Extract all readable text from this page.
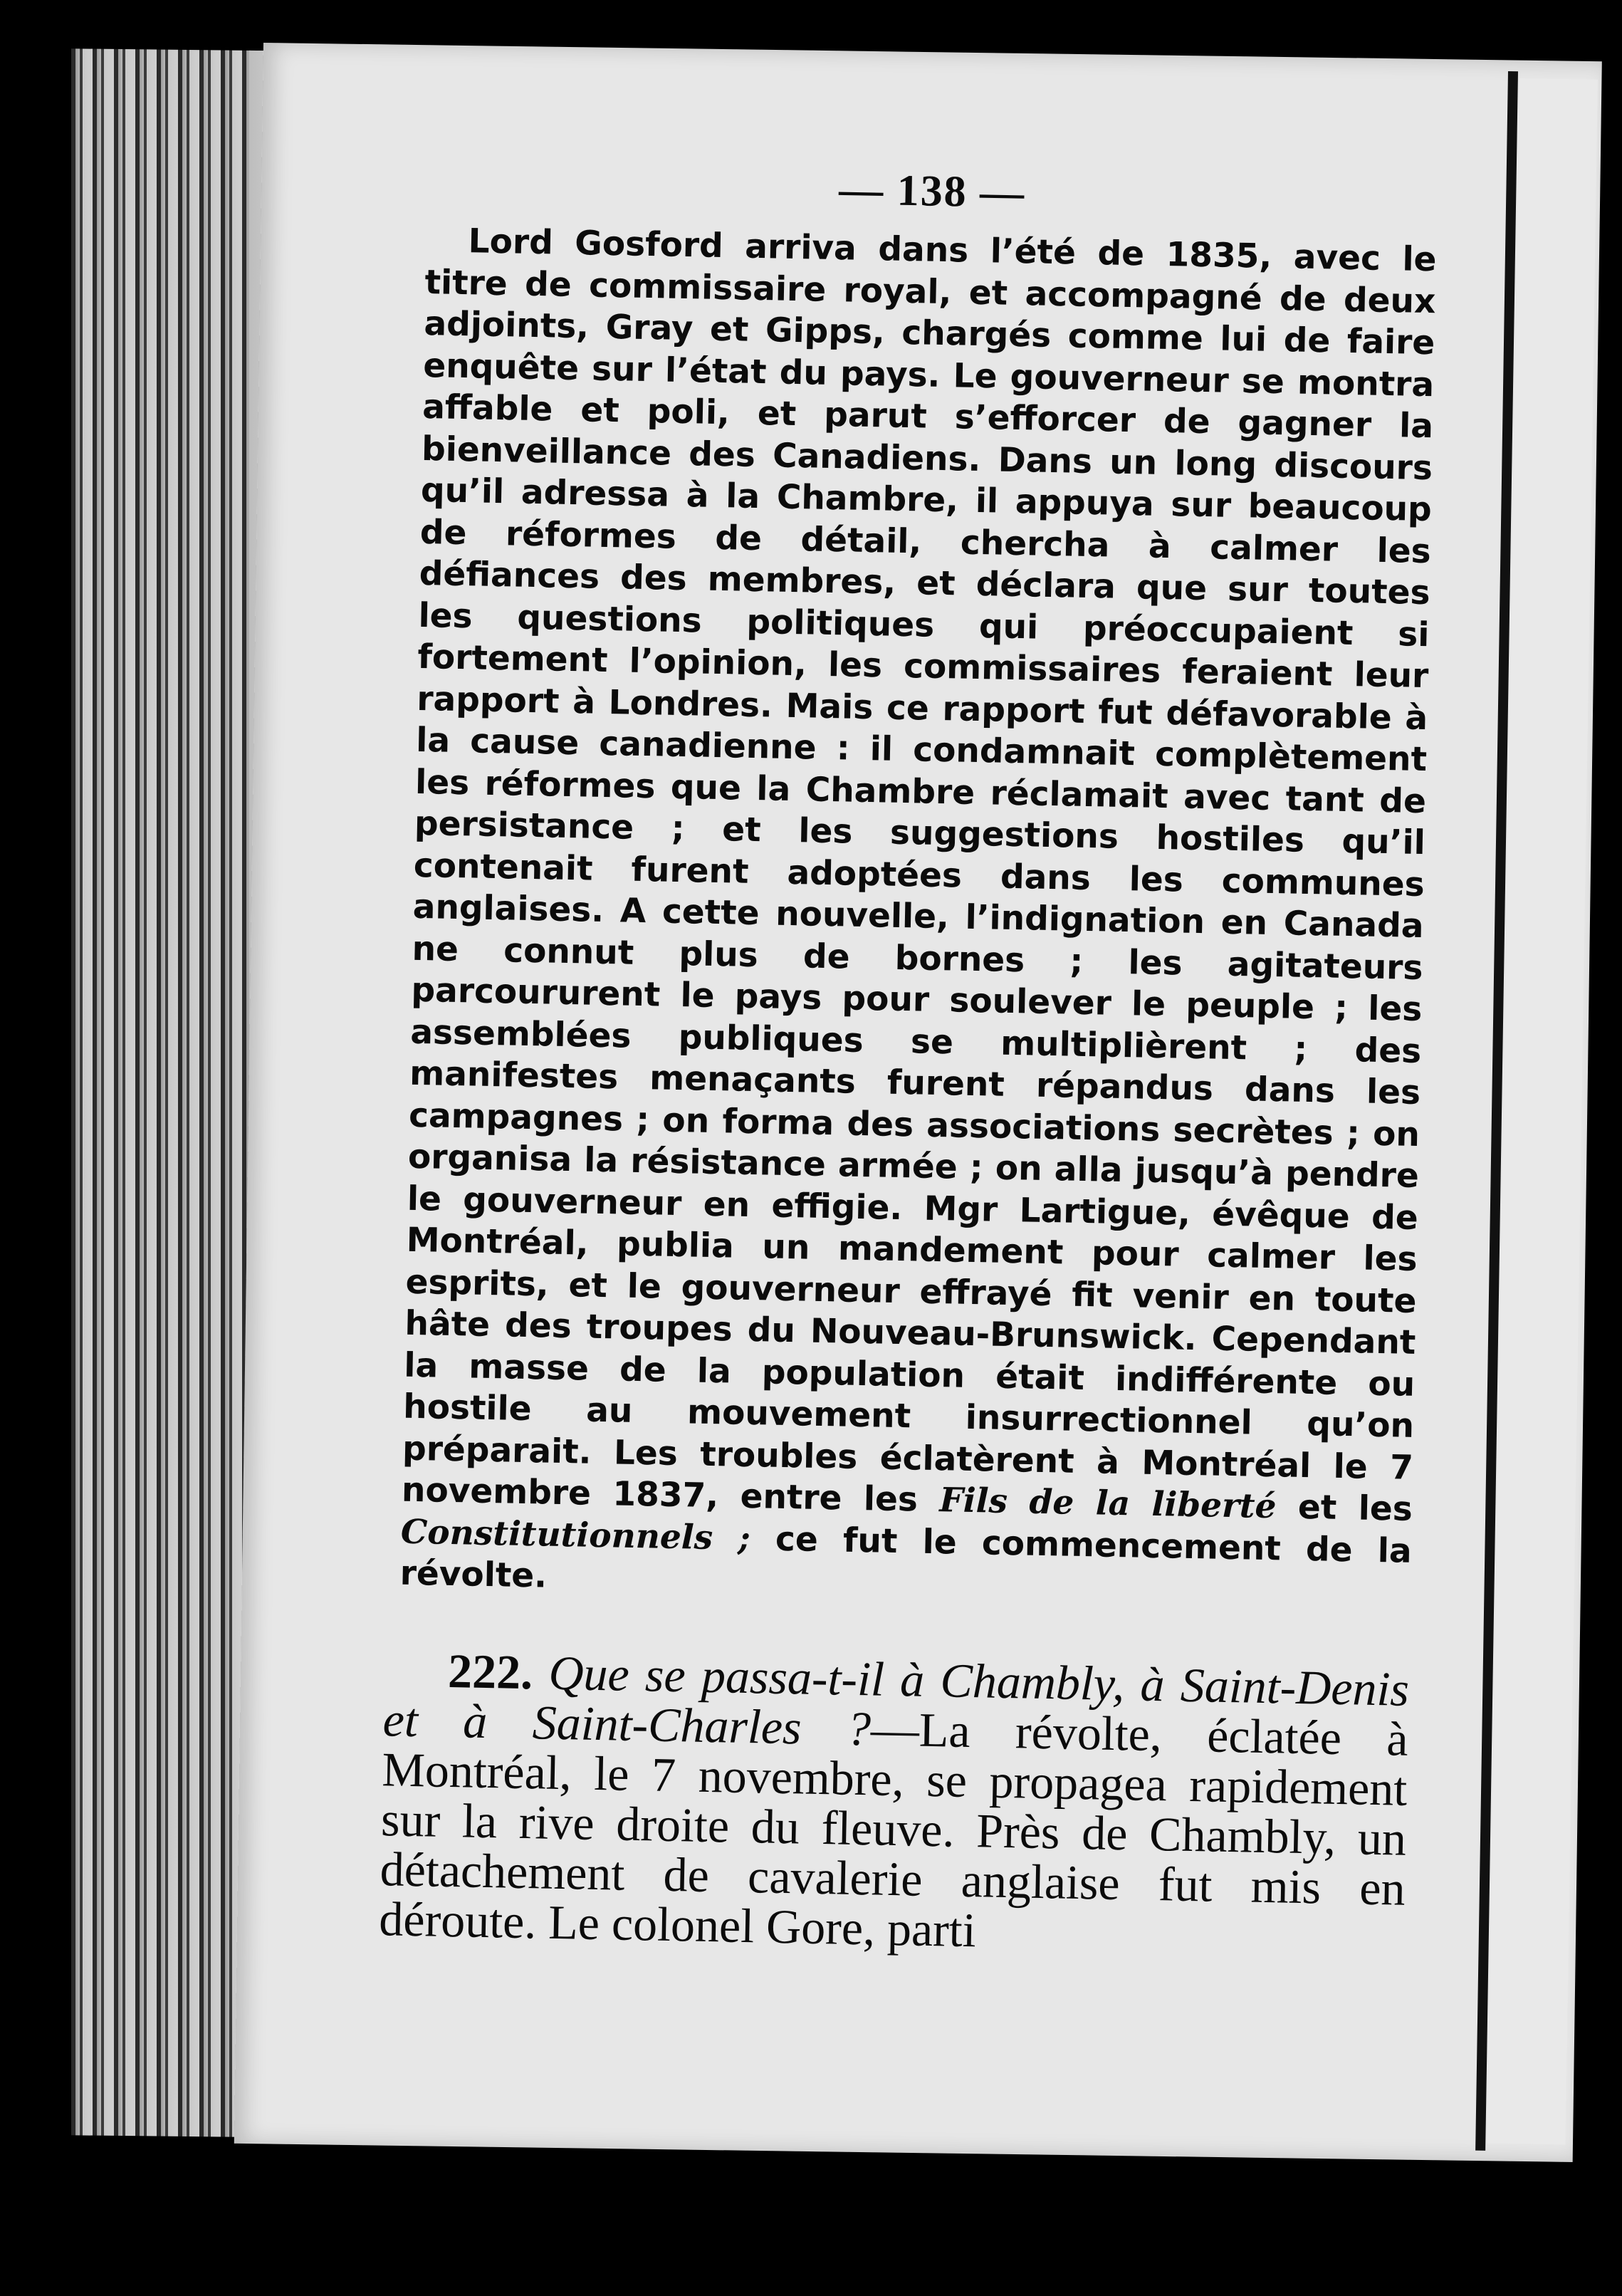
— 138 —

Lord Gosford arriva dans l’été de 1835, avec le titre de commissaire royal, et accompagné de deux adjoints, Gray et Gipps, chargés comme lui de faire enquête sur l’état du pays. Le gouverneur se montra affable et poli, et parut s’efforcer de gagner la bienveillance des Canadiens. Dans un long discours qu’il adressa à la Chambre, il appuya sur beaucoup de réformes de détail, chercha à calmer les défiances des membres, et déclara que sur toutes les questions politiques qui préoccupaient si fortement l’opinion, les commissaires feraient leur rapport à Londres. Mais ce rapport fut défavorable à la cause canadienne : il condamnait complètement les réformes que la Chambre réclamait avec tant de persistance ; et les suggestions hostiles qu’il contenait furent adoptées dans les communes anglaises. A cette nouvelle, l’indignation en Canada ne connut plus de bornes ; les agitateurs parcoururent le pays pour soulever le peuple ; les assemblées publiques se multiplièrent ; des manifestes menaçants furent répandus dans les campagnes ; on forma des associations secrètes ; on organisa la résistance armée ; on alla jusqu’à pendre le gouverneur en effigie. Mgr Lartigue, évêque de Montréal, publia un mandement pour calmer les esprits, et le gouverneur effrayé fit venir en toute hâte des troupes du Nouveau-Brunswick. Cependant la masse de la population était indifférente ou hostile au mouvement insurrectionnel qu’on préparait. Les troubles éclatèrent à Montréal le 7 novembre 1837, entre les Fils de la liberté et les Constitutionnels ; ce fut le commencement de la révolte.

222. Que se passa-t-il à Chambly, à Saint-Denis et à Saint-Charles ?—La révolte, éclatée à Montréal, le 7 novembre, se propagea rapidement sur la rive droite du fleuve. Près de Chambly, un détachement de cavalerie anglaise fut mis en déroute. Le colonel Gore, parti
